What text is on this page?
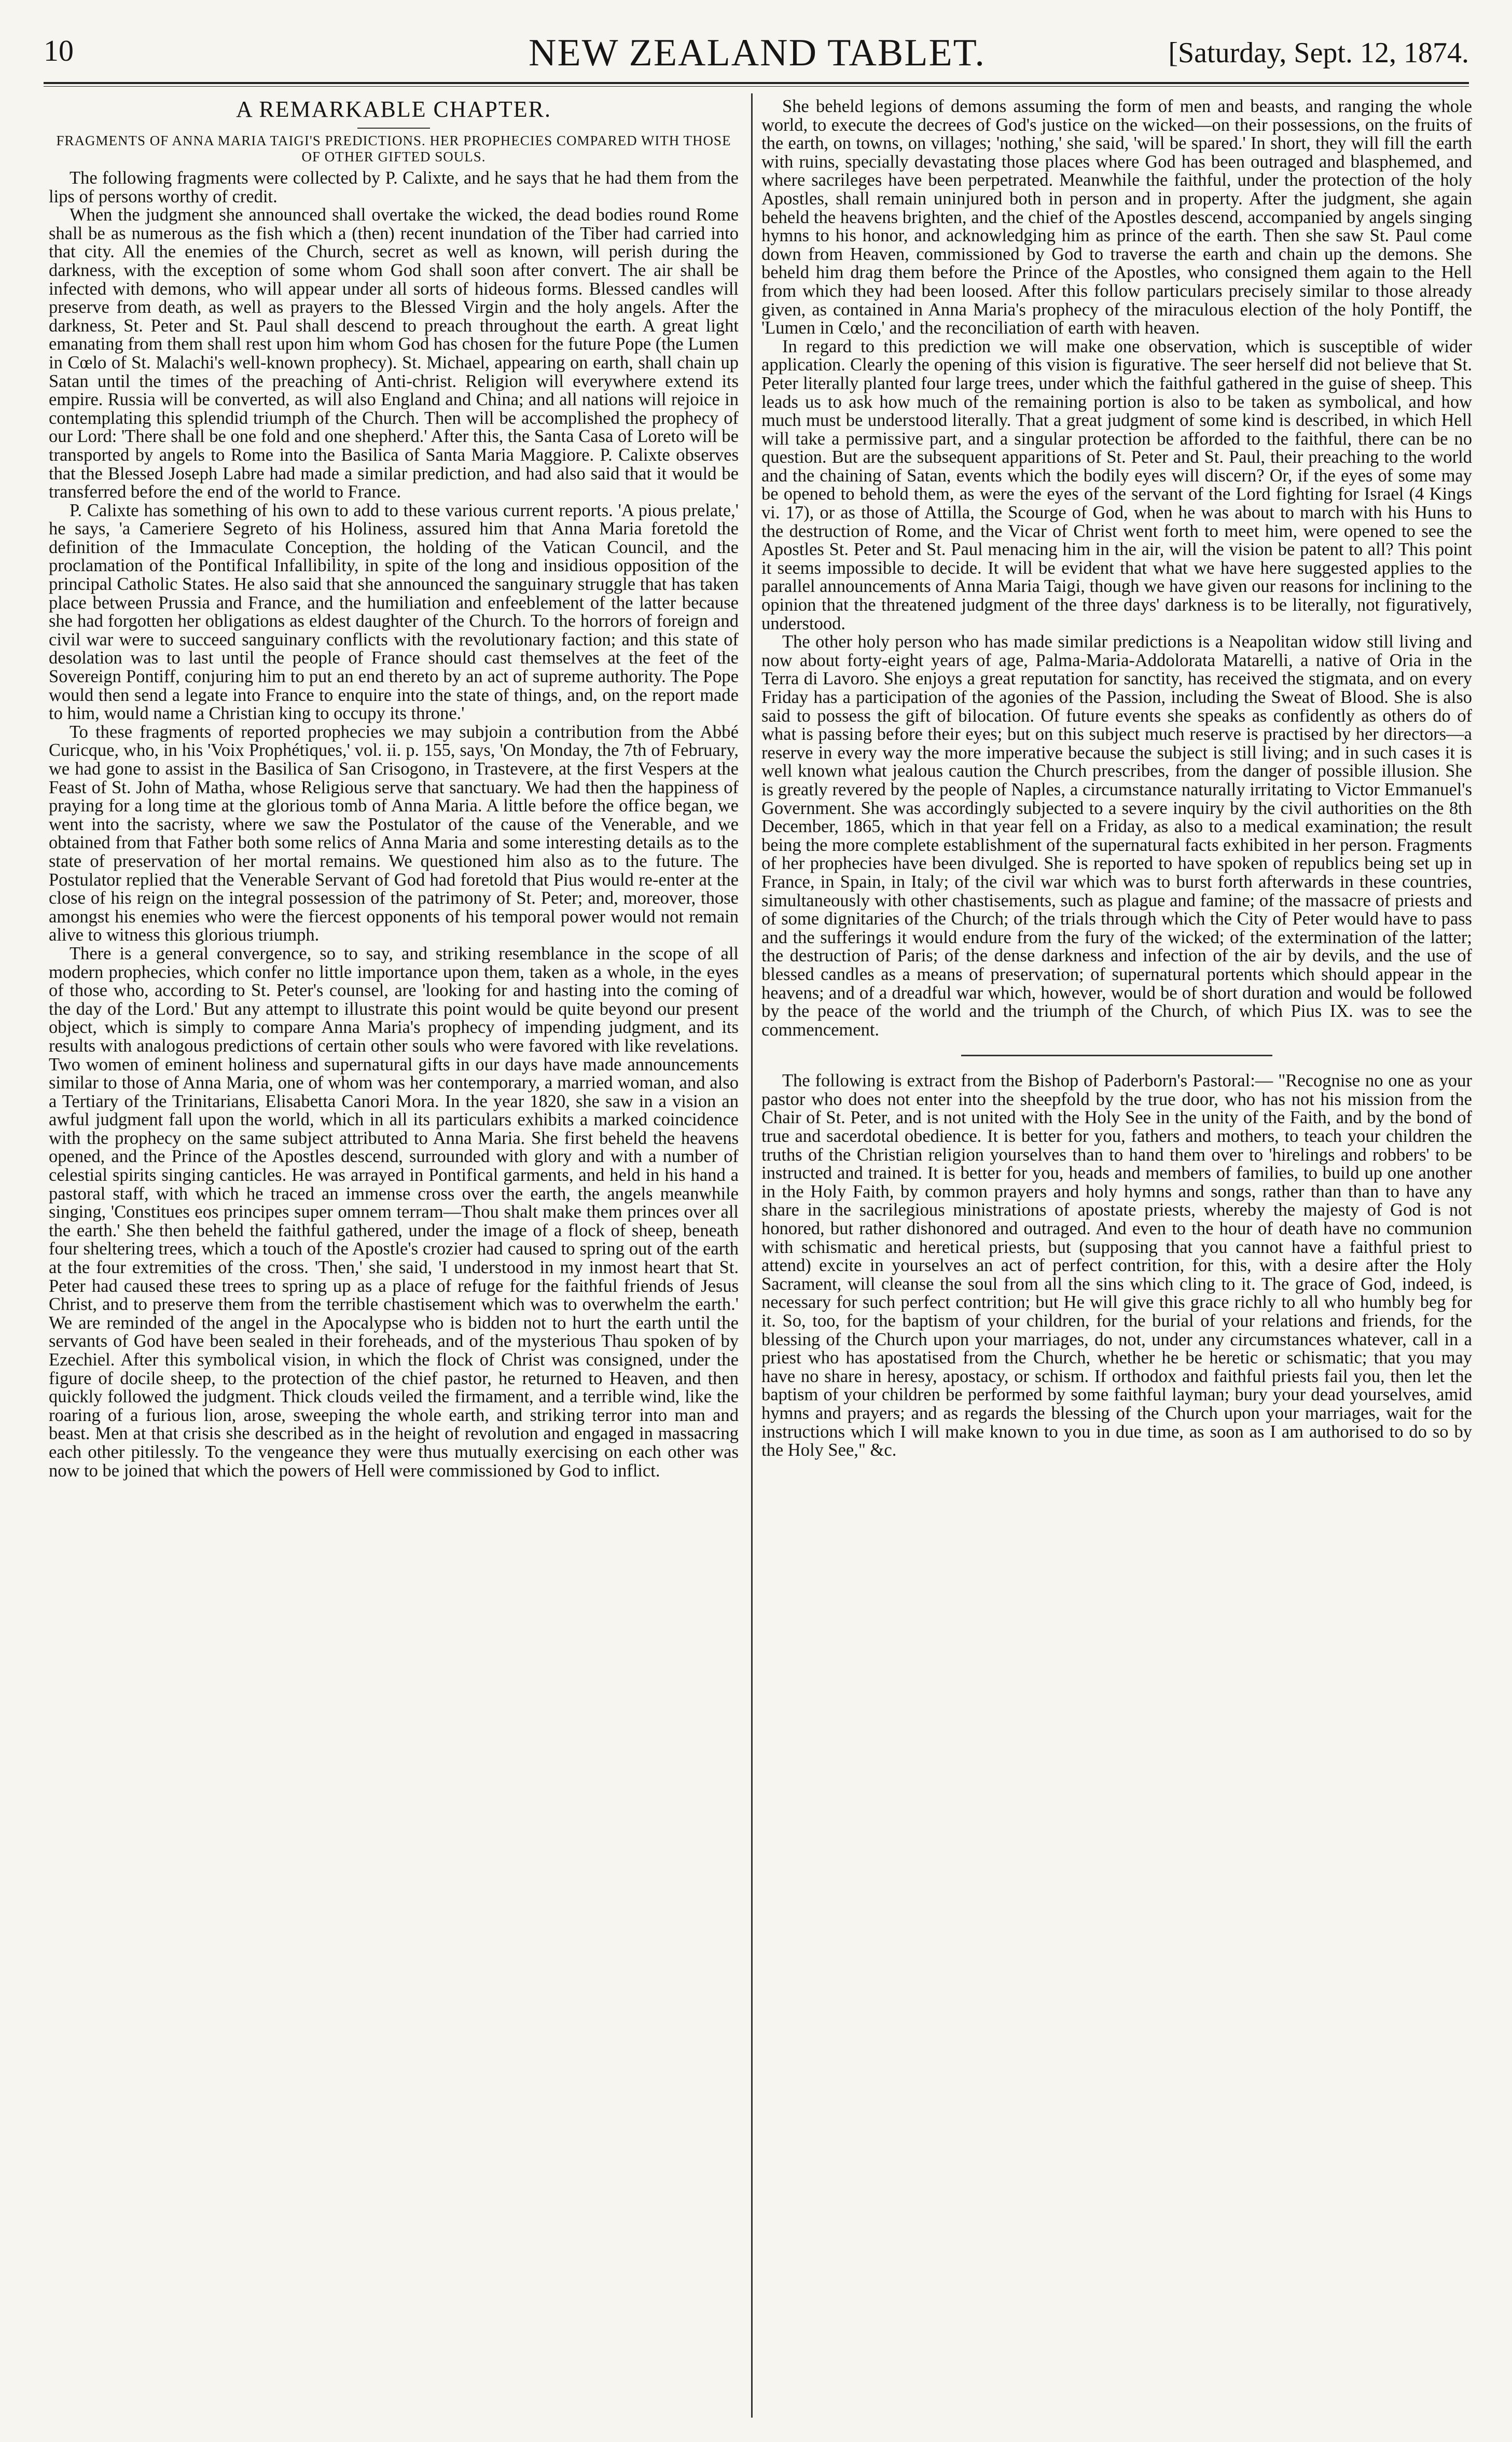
10	NEW ZEALAND TABLET.	[Saturday, Sept. 12, 1874.
A REMARKABLE CHAPTER.
FRAGMENTS OF ANNA MARIA TAIGI'S PREDICTIONS. HER PROPHECIES COMPARED WITH THOSE OF OTHER GIFTED SOULS.

The following fragments were collected by P. Calixte, and he says that he had them from the lips of persons worthy of credit.

When the judgment she announced shall overtake the wicked, the dead bodies round Rome shall be as numerous as the fish which a (then) recent inundation of the Tiber had carried into that city. All the enemies of the Church, secret as well as known, will perish during the darkness, with the exception of some whom God shall soon after convert. The air shall be infected with demons, who will appear under all sorts of hideous forms. Blessed candles will preserve from death, as well as prayers to the Blessed Virgin and the holy angels. After the darkness, St. Peter and St. Paul shall descend to preach throughout the earth. A great light emanating from them shall rest upon him whom God has chosen for the future Pope (the Lumen in Cœlo of St. Malachi's well-known prophecy). St. Michael, appearing on earth, shall chain up Satan until the times of the preaching of Anti-christ. Religion will everywhere extend its empire. Russia will be converted, as will also England and China; and all nations will rejoice in contemplating this splendid triumph of the Church. Then will be accomplished the prophecy of our Lord: 'There shall be one fold and one shepherd.' After this, the Santa Casa of Loreto will be transported by angels to Rome into the Basilica of Santa Maria Maggiore. P. Calixte observes that the Blessed Joseph Labre had made a similar prediction, and had also said that it would be transferred before the end of the world to France.

P. Calixte has something of his own to add to these various current reports. 'A pious prelate,' he says, 'a Cameriere Segreto of his Holiness, assured him that Anna Maria foretold the definition of the Immaculate Conception, the holding of the Vatican Council, and the proclamation of the Pontifical Infallibility, in spite of the long and insidious opposition of the principal Catholic States. He also said that she announced the sanguinary struggle that has taken place between Prussia and France, and the humiliation and enfeeblement of the latter because she had forgotten her obligations as eldest daughter of the Church. To the horrors of foreign and civil war were to succeed sanguinary conflicts with the revolutionary faction; and this state of desolation was to last until the people of France should cast themselves at the feet of the Sovereign Pontiff, conjuring him to put an end thereto by an act of supreme authority. The Pope would then send a legate into France to enquire into the state of things, and, on the report made to him, would name a Christian king to occupy its throne.'

To these fragments of reported prophecies we may subjoin a contribution from the Abbé Curicque, who, in his 'Voix Prophétiques,' vol. ii. p. 155, says, 'On Monday, the 7th of February, we had gone to assist in the Basilica of San Crisogono, in Trastevere, at the first Vespers at the Feast of St. John of Matha, whose Religious serve that sanctuary. We had then the happiness of praying for a long time at the glorious tomb of Anna Maria. A little before the office began, we went into the sacristy, where we saw the Postulator of the cause of the Venerable, and we obtained from that Father both some relics of Anna Maria and some interesting details as to the state of preservation of her mortal remains. We questioned him also as to the future. The Postulator replied that the Venerable Servant of God had foretold that Pius would re-enter at the close of his reign on the integral possession of the patrimony of St. Peter; and, moreover, those amongst his enemies who were the fiercest opponents of his temporal power would not remain alive to witness this glorious triumph.

There is a general convergence, so to say, and striking resemblance in the scope of all modern prophecies, which confer no little importance upon them, taken as a whole, in the eyes of those who, according to St. Peter's counsel, are 'looking for and hasting into the coming of the day of the Lord.' But any attempt to illustrate this point would be quite beyond our present object, which is simply to compare Anna Maria's prophecy of impending judgment, and its results with analogous predictions of certain other souls who were favored with like revelations. Two women of eminent holiness and supernatural gifts in our days have made announcements similar to those of Anna Maria, one of whom was her contemporary, a married woman, and also a Tertiary of the Trinitarians, Elisabetta Canori Mora. In the year 1820, she saw in a vision an awful judgment fall upon the world, which in all its particulars exhibits a marked coincidence with the prophecy on the same subject attributed to Anna Maria. She first beheld the heavens opened, and the Prince of the Apostles descend, surrounded with glory and with a number of celestial spirits singing canticles. He was arrayed in Pontifical garments, and held in his hand a pastoral staff, with which he traced an immense cross over the earth, the angels meanwhile singing, 'Constitues eos principes super omnem terram—Thou shalt make them princes over all the earth.' She then beheld the faithful gathered, under the image of a flock of sheep, beneath four sheltering trees, which a touch of the Apostle's crozier had caused to spring out of the earth at the four extremities of the cross. 'Then,' she said, 'I understood in my inmost heart that St. Peter had caused these trees to spring up as a place of refuge for the faithful friends of Jesus Christ, and to preserve them from the terrible chastisement which was to overwhelm the earth.' We are reminded of the angel in the Apocalypse who is bidden not to hurt the earth until the servants of God have been sealed in their foreheads, and of the mysterious Thau spoken of by Ezechiel. After this symbolical vision, in which the flock of Christ was consigned, under the figure of docile sheep, to the protection of the chief pastor, he returned to Heaven, and then quickly followed the judgment. Thick clouds veiled the firmament, and a terrible wind, like the roaring of a furious lion, arose, sweeping the whole earth, and striking terror into man and beast. Men at that crisis she described as in the height of revolution and engaged in massacring each other pitilessly. To the vengeance they were thus mutually exercising on each other was now to be joined that which the powers of Hell were commissioned by God to inflict.

She beheld legions of demons assuming the form of men and beasts, and ranging the whole world, to execute the decrees of God's justice on the wicked—on their possessions, on the fruits of the earth, on towns, on villages; 'nothing,' she said, 'will be spared.' In short, they will fill the earth with ruins, specially devastating those places where God has been outraged and blasphemed, and where sacrileges have been perpetrated. Meanwhile the faithful, under the protection of the holy Apostles, shall remain uninjured both in person and in property. After the judgment, she again beheld the heavens brighten, and the chief of the Apostles descend, accompanied by angels singing hymns to his honor, and acknowledging him as prince of the earth. Then she saw St. Paul come down from Heaven, commissioned by God to traverse the earth and chain up the demons. She beheld him drag them before the Prince of the Apostles, who consigned them again to the Hell from which they had been loosed. After this follow particulars precisely similar to those already given, as contained in Anna Maria's prophecy of the miraculous election of the holy Pontiff, the 'Lumen in Cœlo,' and the reconciliation of earth with heaven.

In regard to this prediction we will make one observation, which is susceptible of wider application. Clearly the opening of this vision is figurative. The seer herself did not believe that St. Peter literally planted four large trees, under which the faithful gathered in the guise of sheep. This leads us to ask how much of the remaining portion is also to be taken as symbolical, and how much must be understood literally. That a great judgment of some kind is described, in which Hell will take a permissive part, and a singular protection be afforded to the faithful, there can be no question. But are the subsequent apparitions of St. Peter and St. Paul, their preaching to the world and the chaining of Satan, events which the bodily eyes will discern? Or, if the eyes of some may be opened to behold them, as were the eyes of the servant of the Lord fighting for Israel (4 Kings vi. 17), or as those of Attilla, the Scourge of God, when he was about to march with his Huns to the destruction of Rome, and the Vicar of Christ went forth to meet him, were opened to see the Apostles St. Peter and St. Paul menacing him in the air, will the vision be patent to all? This point it seems impossible to decide. It will be evident that what we have here suggested applies to the parallel announcements of Anna Maria Taigi, though we have given our reasons for inclining to the opinion that the threatened judgment of the three days' darkness is to be literally, not figuratively, understood.

The other holy person who has made similar predictions is a Neapolitan widow still living and now about forty-eight years of age, Palma-Maria-Addolorata Matarelli, a native of Oria in the Terra di Lavoro. She enjoys a great reputation for sanctity, has received the stigmata, and on every Friday has a participation of the agonies of the Passion, including the Sweat of Blood. She is also said to possess the gift of bilocation. Of future events she speaks as confidently as others do of what is passing before their eyes; but on this subject much reserve is practised by her directors—a reserve in every way the more imperative because the subject is still living; and in such cases it is well known what jealous caution the Church prescribes, from the danger of possible illusion. She is greatly revered by the people of Naples, a circumstance naturally irritating to Victor Emmanuel's Government. She was accordingly subjected to a severe inquiry by the civil authorities on the 8th December, 1865, which in that year fell on a Friday, as also to a medical examination; the result being the more complete establishment of the supernatural facts exhibited in her person. Fragments of her prophecies have been divulged. She is reported to have spoken of republics being set up in France, in Spain, in Italy; of the civil war which was to burst forth afterwards in these countries, simultaneously with other chastisements, such as plague and famine; of the massacre of priests and of some dignitaries of the Church; of the trials through which the City of Peter would have to pass and the sufferings it would endure from the fury of the wicked; of the extermination of the latter; the destruction of Paris; of the dense darkness and infection of the air by devils, and the use of blessed candles as a means of preservation; of supernatural portents which should appear in the heavens; and of a dreadful war which, however, would be of short duration and would be followed by the peace of the world and the triumph of the Church, of which Pius IX. was to see the commencement.

The following is extract from the Bishop of Paderborn's Pastoral:— "Recognise no one as your pastor who does not enter into the sheepfold by the true door, who has not his mission from the Chair of St. Peter, and is not united with the Holy See in the unity of the Faith, and by the bond of true and sacerdotal obedience. It is better for you, fathers and mothers, to teach your children the truths of the Christian religion yourselves than to hand them over to 'hirelings and robbers' to be instructed and trained. It is better for you, heads and members of families, to build up one another in the Holy Faith, by common prayers and holy hymns and songs, rather than than to have any share in the sacrilegious ministrations of apostate priests, whereby the majesty of God is not honored, but rather dishonored and outraged. And even to the hour of death have no communion with schismatic and heretical priests, but (supposing that you cannot have a faithful priest to attend) excite in yourselves an act of perfect contrition, for this, with a desire after the Holy Sacrament, will cleanse the soul from all the sins which cling to it. The grace of God, indeed, is necessary for such perfect contrition; but He will give this grace richly to all who humbly beg for it. So, too, for the baptism of your children, for the burial of your relations and friends, for the blessing of the Church upon your marriages, do not, under any circumstances whatever, call in a priest who has apostatised from the Church, whether he be heretic or schismatic; that you may have no share in heresy, apostacy, or schism. If orthodox and faithful priests fail you, then let the baptism of your children be performed by some faithful layman; bury your dead yourselves, amid hymns and prayers; and as regards the blessing of the Church upon your marriages, wait for the instructions which I will make known to you in due time, as soon as I am authorised to do so by the Holy See," &c.
